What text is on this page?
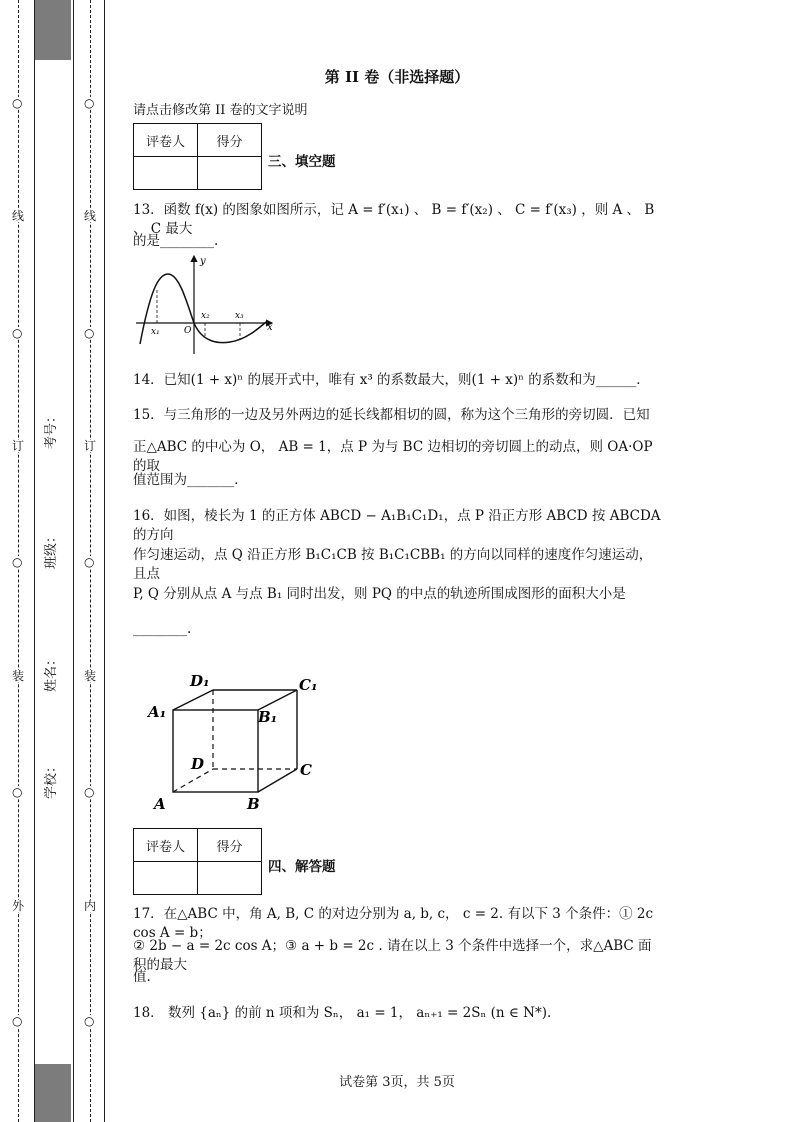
○
线
○
订
○
装
○
外
○
○
线
○
订
○
装
○
内
○
考号：
班级：
姓名：
学校：
第 II 卷（非选择题）
请点击修改第 II 卷的文字说明
评卷人	得分

三、填空题
13．函数 f(x) 的图象如图所示，记 A = f′(x₁) 、 B = f′(x₂) 、 C = f′(x₃) ，则 A 、 B 、 C 最大
的是________.
y
x
O
x₁
x₂	x₃
14．已知(1 + x)ⁿ 的展开式中，唯有 x³ 的系数最大，则(1 + x)ⁿ 的系数和为______．
15．与三角形的一边及另外两边的延长线都相切的圆，称为这个三角形的旁切圆．已知
正△ABC 的中心为 O， AB = 1，点 P 为与 BC 边相切的旁切圆上的动点，则 OA·OP 的取
值范围为_______．
16．如图，棱长为 1 的正方体 ABCD − A₁B₁C₁D₁，点 P 沿正方形 ABCD 按 ABCDA 的方向
作匀速运动，点 Q 沿正方形 B₁C₁CB 按 B₁C₁CBB₁ 的方向以同样的速度作匀速运动，且点
P, Q 分别从点 A 与点 B₁ 同时出发，则 PQ 的中点的轨迹所围成图形的面积大小是
________.
A	B
C
D
A₁	B₁
C₁
D₁
评卷人	得分

四、解答题
17．在△ABC 中，角 A, B, C 的对边分别为 a, b, c， c = 2. 有以下 3 个条件：① 2c cos A = b；
② 2b − a = 2c cos A；③ a + b = 2c . 请在以上 3 个条件中选择一个，求△ABC 面积的最大
值.
18． 数列 {aₙ} 的前 n 项和为 Sₙ， a₁ = 1， aₙ₊₁ = 2Sₙ (n ∈ N*).
试卷第 3页，共 5页
